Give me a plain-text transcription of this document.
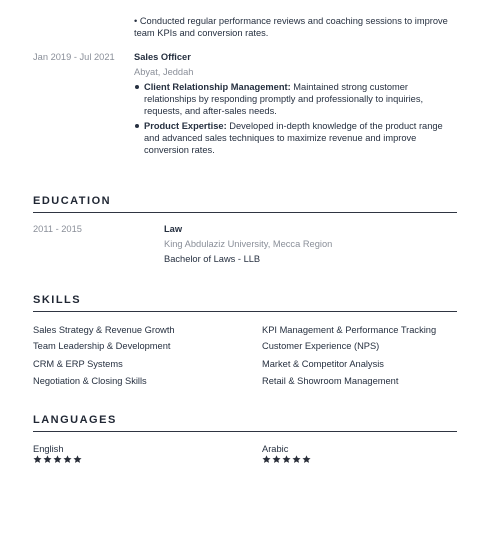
• Conducted regular performance reviews and coaching sessions to improve team KPIs and conversion rates.
Jan 2019 - Jul 2021	Sales Officer
Abyat, Jeddah
Client Relationship Management: Maintained strong customer relationships by responding promptly and professionally to inquiries, requests, and after-sales needs.
Product Expertise: Developed in-depth knowledge of the product range and advanced sales techniques to maximize revenue and improve conversion rates.
EDUCATION
2011 - 2015	Law
King Abdulaziz University, Mecca Region
Bachelor of Laws - LLB
SKILLS
Sales Strategy & Revenue Growth
Team Leadership & Development
CRM & ERP Systems
Negotiation & Closing Skills
KPI Management & Performance Tracking
Customer Experience (NPS)
Market & Competitor Analysis
Retail & Showroom Management
LANGUAGES
English	Arabic
